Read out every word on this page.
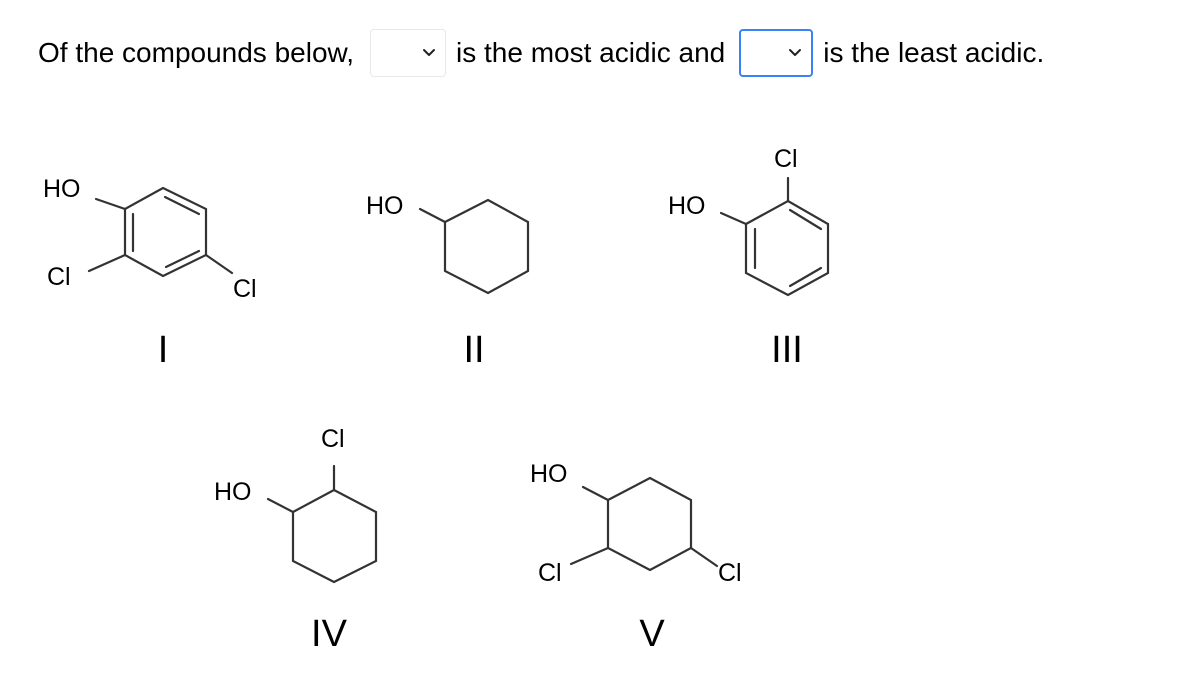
Of the compounds below,	is the most acidic and	is the least acidic.
HO
Cl	Cl
I
HO
II
Cl
HO
III
Cl
HO
IV
HO
Cl	Cl
V
